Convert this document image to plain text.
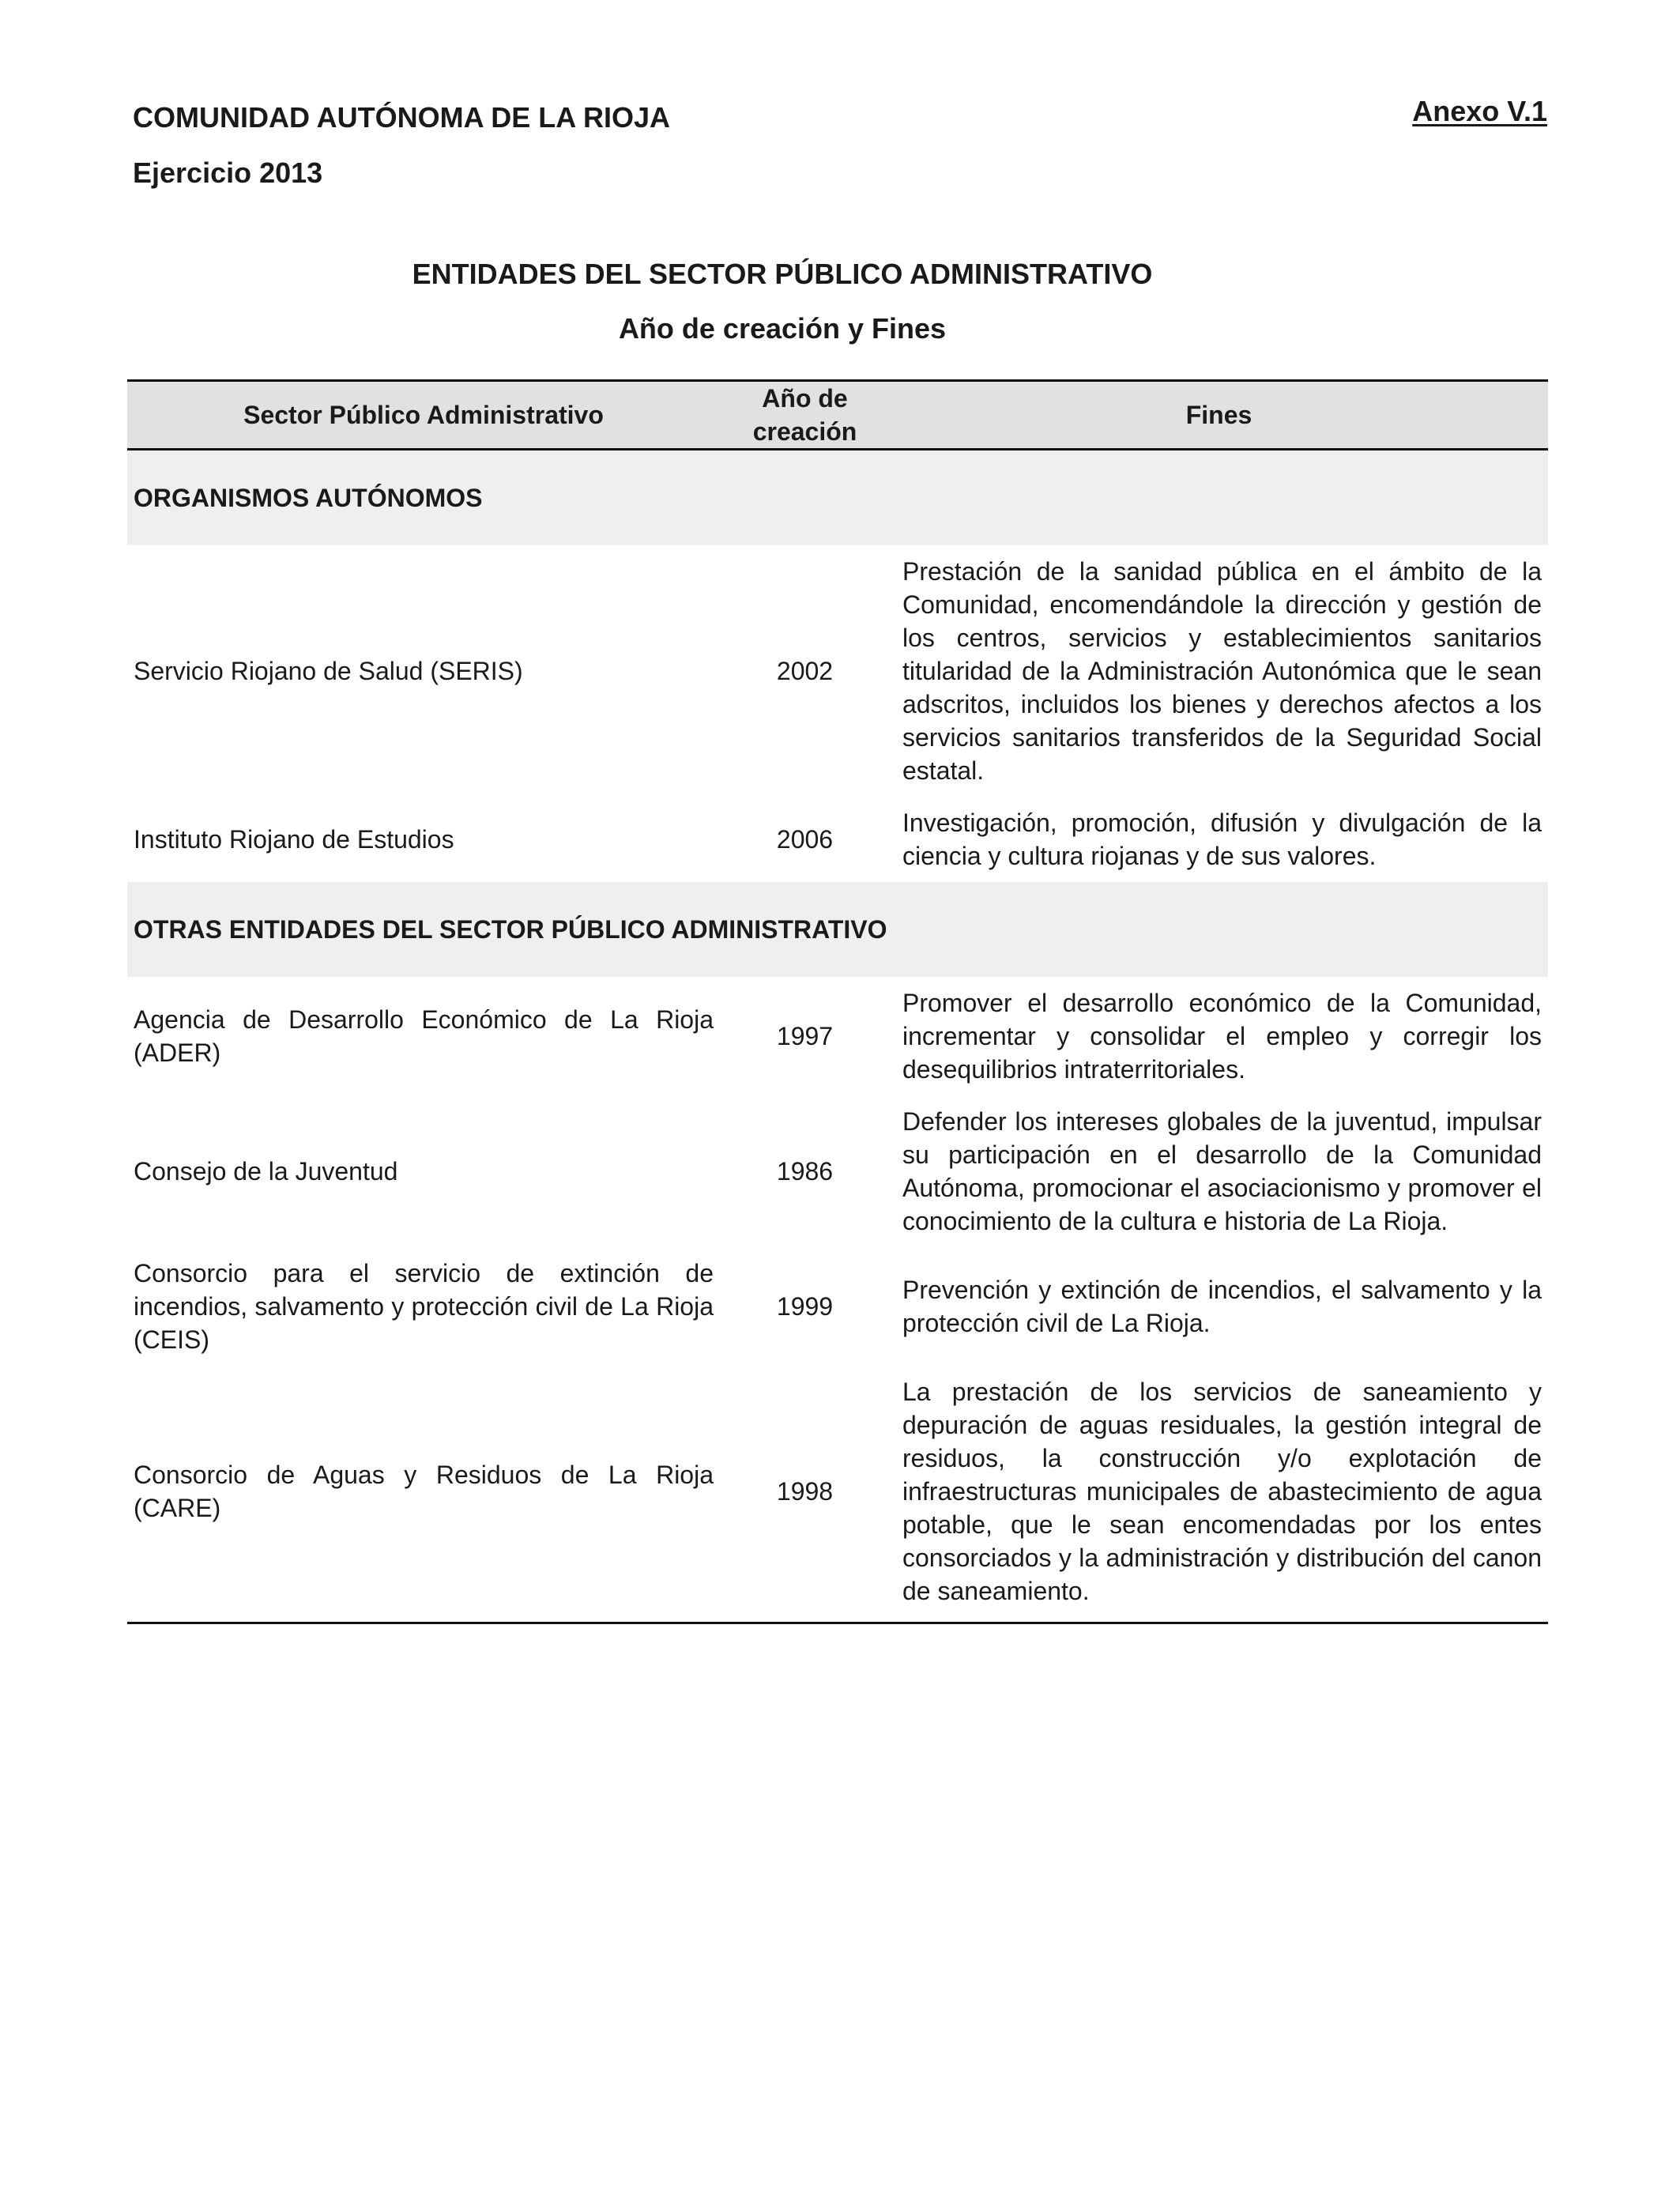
COMUNIDAD AUTÓNOMA DE LA RIOJA	Anexo V.1
Ejercicio 2013
ENTIDADES DEL SECTOR PÚBLICO ADMINISTRATIVO
Año de creación y Fines
Sector Público Administrativo	Año de creación	Fines
ORGANISMOS AUTÓNOMOS		
Servicio Riojano de Salud (SERIS)	2002	Prestación de la sanidad pública en el ámbito de la Comunidad, encomendándole la dirección y gestión de los centros, servicios y establecimientos sanitarios titularidad de la Administración Autonómica que le sean adscritos, incluidos los bienes y derechos afectos a los servicios sanitarios transferidos de la Seguridad Social estatal.
Instituto Riojano de Estudios	2006	Investigación, promoción, difusión y divulgación de la ciencia y cultura riojanas y de sus valores.
OTRAS ENTIDADES DEL SECTOR PÚBLICO ADMINISTRATIVO		
Agencia de Desarrollo Económico de La Rioja (ADER)	1997	Promover el desarrollo económico de la Comunidad, incrementar y consolidar el empleo y corregir los desequilibrios intraterritoriales.
Consejo de la Juventud	1986	Defender los intereses globales de la juventud, impulsar su participación en el desarrollo de la Comunidad Autónoma, promocionar el asociacionismo y promover el conocimiento de la cultura e historia de La Rioja.
Consorcio para el servicio de extinción de incendios, salvamento y protección civil de La Rioja (CEIS)	1999	Prevención y extinción de incendios, el salvamento y la protección civil de La Rioja.
Consorcio de Aguas y Residuos de La Rioja (CARE)	1998	La prestación de los servicios de saneamiento y depuración de aguas residuales, la gestión integral de residuos, la construcción y/o explotación de infraestructuras municipales de abastecimiento de agua potable, que le sean encomendadas por los entes consorciados y la administración y distribución del canon de saneamiento.
